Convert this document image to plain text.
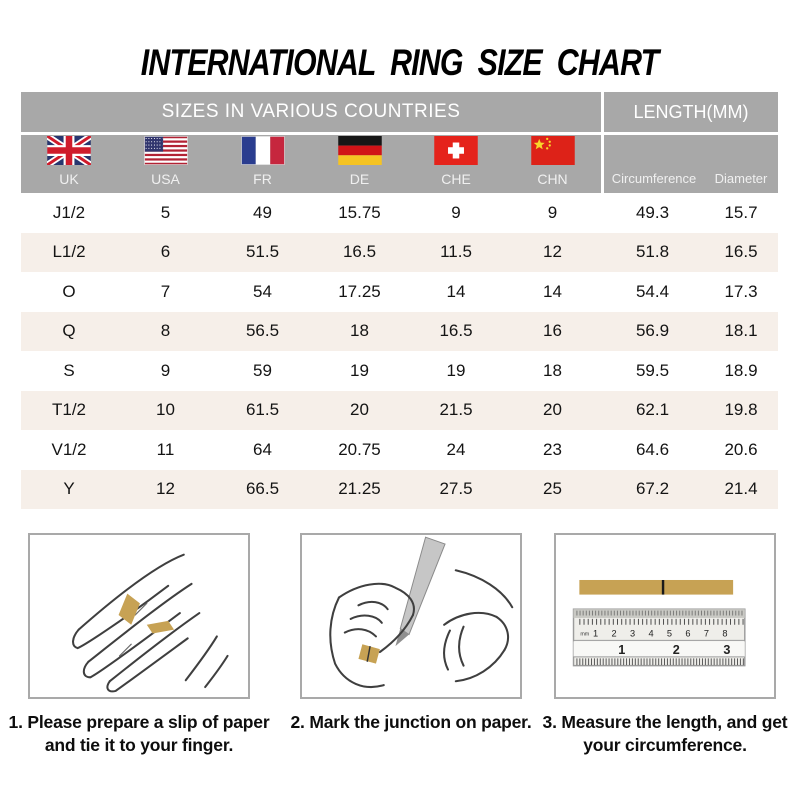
INTERNATIONAL RING SIZE CHART
SIZES IN VARIOUS COUNTRIES	LENGTH(MM)
UK	USA	FR	DE	CHE	CHN	Circumference	Diameter
J1/2	5	49	15.75	9	9	49.3	15.7
L1/2	6	51.5	16.5	11.5	12	51.8	16.5
O	7	54	17.25	14	14	54.4	17.3
Q	8	56.5	18	16.5	16	56.9	18.1
S	9	59	19	19	18	59.5	18.9
T1/2	10	61.5	20	21.5	20	62.1	19.8
V1/2	11	64	20.75	24	23	64.6	20.6
Y	12	66.5	21.25	27.5	25	67.2	21.4
1. Please prepare a slip of paper and tie it to your finger.
2. Mark the junction on paper.
mm 1 2 3 4 5 6 7 8
1	2	3
3. Measure the length, and get your circumference.
